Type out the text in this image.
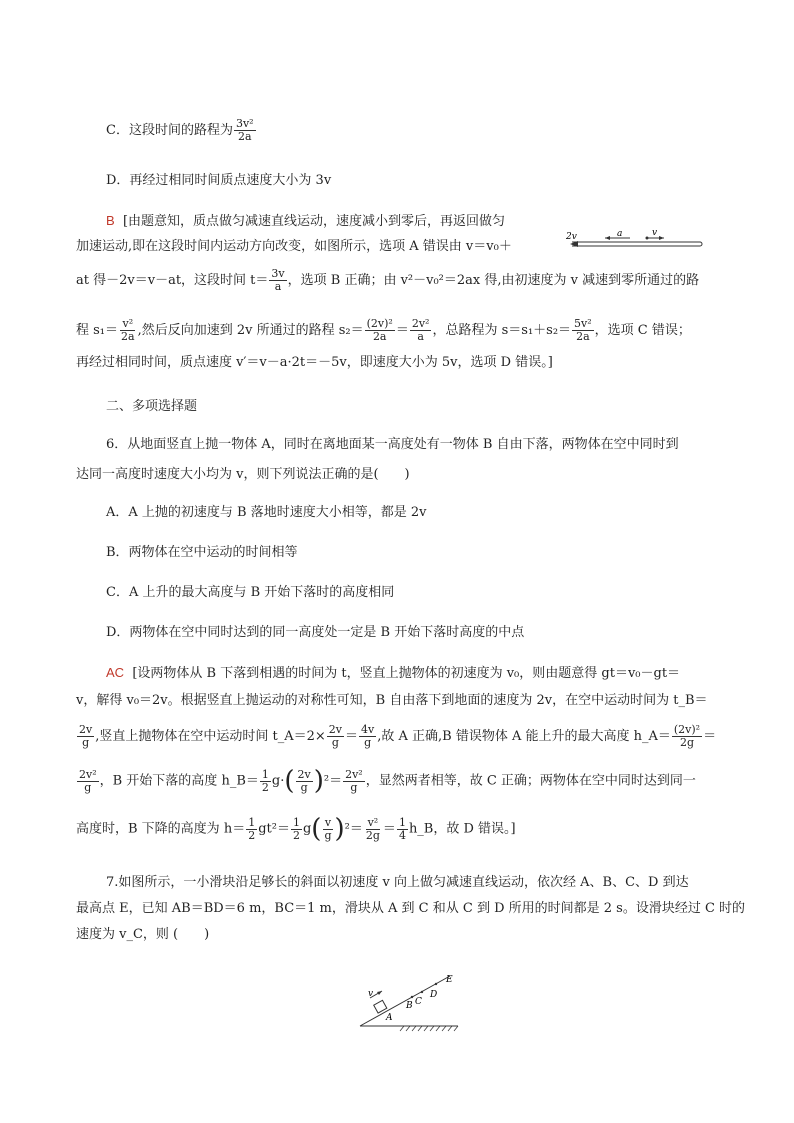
C．这段时间的路程为 $\frac{\text{3v²}}{2a}$
D．再经过相同时间质点速度大小为 3v
B [由题意知，质点做匀减速直线运动，速度减小到零后，再返回做匀
加速运动,即在这段时间内运动方向改变，如图所示，选项 A 错误由 v＝v₀＋
2v	a	v
at 得－2v＝v－at，这段时间 $t= \frac{3v}{a}$ ，选项 B 正确；由 v²－v₀²＝2ax 得,由初速度为 v 减速到零所通过的路
程 $s_1= \frac{\text{v²}}{2a}$ ,然后反向加速到 2v 所通过的路程 $s_2= \frac{\text{(2v)²}}{2a} = \frac{\text{2v²}}{a}$ ，总路程为 $s=s_1+s_2= \frac{\text{5v²}}{2a}$ ，选项 C 错误；
再经过相同时间，质点速度 v′＝v－a·2t＝－5v，即速度大小为 5v，选项 D 错误。]
二、多项选择题
6．从地面竖直上抛一物体 A，同时在离地面某一高度处有一物体 B 自由下落，两物体在空中同时到
达同一高度时速度大小均为 v，则下列说法正确的是(　　)
A．A 上抛的初速度与 B 落地时速度大小相等，都是 2v
B．两物体在空中运动的时间相等
C．A 上升的最大高度与 B 开始下落时的高度相同
D．两物体在空中同时达到的同一高度处一定是 B 开始下落时高度的中点
AC [设两物体从 B 下落到相遇的时间为 t，竖直上抛物体的初速度为 v₀，则由题意得 gt＝v₀－gt＝
v，解得 v₀＝2v。根据竖直上抛运动的对称性可知，B 自由落下到地面的速度为 2v，在空中运动时间为 t_B＝
$\frac{2v}{g}$ ,竖直上抛物体在空中运动时间 t_A＝2× $\frac{2v}{g} = \frac{4v}{g}$ ,故 A 正确,B 错误物体 A 能上升的最大高度 h_A＝ $\frac{\text{(2v)²}}{2g}$ ＝
$\frac{\text{2v²}}{g}$ ，B 开始下落的高度 h_B＝ $\frac{1}{2} g\cdot( \frac{2v}{g} )^2= \frac{\text{2v²}}{g}$ ，显然两者相等，故 C 正确；两物体在空中同时达到同一
高度时，B 下降的高度为 $h= \frac{1}{2} gt^2= \frac{1}{2} g( \frac{v}{g} )^2= \frac{\text{v²}}{2g} = \frac{1}{4}$ h_B，故 D 错误。]
7.如图所示，一小滑块沿足够长的斜面以初速度 v 向上做匀减速直线运动，依次经 A、B、C、D 到达
最高点 E，已知 AB＝BD＝6 m，BC＝1 m，滑块从 A 到 C 和从 C 到 D 所用的时间都是 2 s。设滑块经过 C 时的
速度为 v_C，则 (　　)
v
A
B C
D
E
